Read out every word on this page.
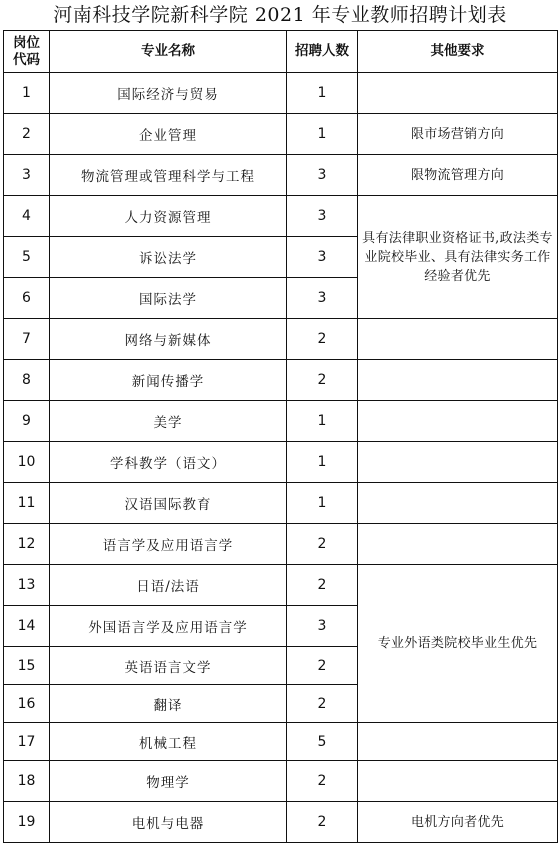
河南科技学院新科学院 2021 年专业教师招聘计划表
岗位代码	专业名称	招聘人数	其他要求
1	国际经济与贸易	1	
2	企业管理	1	限市场营销方向
3	物流管理或管理科学与工程	3	限物流管理方向
4	人力资源管理	3	具有法律职业资格证书,政法类专业院校毕业、具有法律实务工作经验者优先
5	诉讼法学	3	
6	国际法学	3	
7	网络与新媒体	2	
8	新闻传播学	2	
9	美学	1	
10	学科教学（语文）	1	
11	汉语国际教育	1	
12	语言学及应用语言学	2	
13	日语/法语	2	专业外语类院校毕业生优先
14	外国语言学及应用语言学	3	
15	英语语言文学	2	
16	翻译	2	
17	机械工程	5	
18	物理学	2	
19	电机与电器	2	电机方向者优先
